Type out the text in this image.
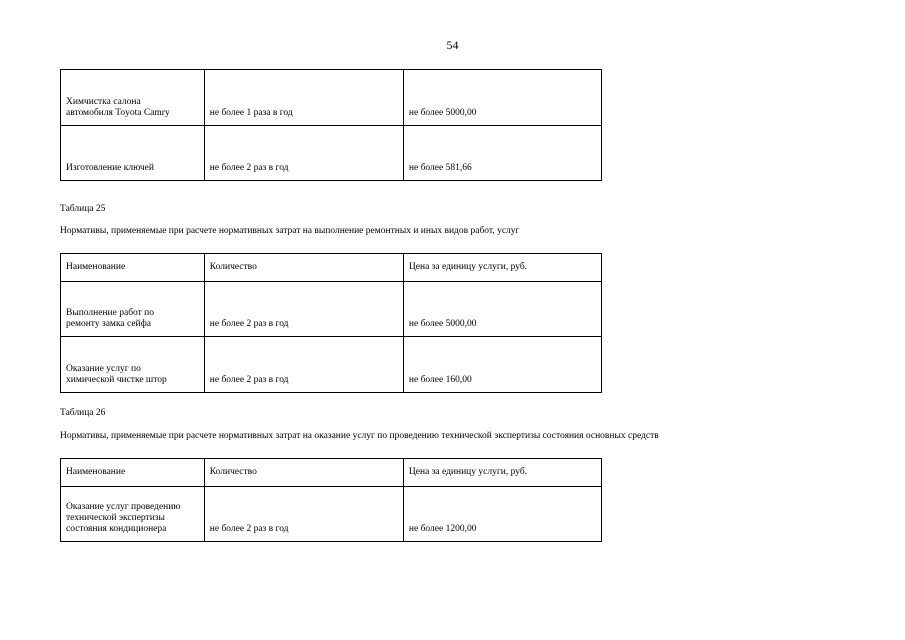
54
Химчистка салона
автомобиля Toyota Camry	не более 1 раза в год	не более 5000,00
Изготовление ключей	не более 2 раз в год	не более 581,66
Таблица 25
Нормативы, применяемые при расчете нормативных затрат на выполнение ремонтных и иных видов работ, услуг
Наименование	Количество	Цена за единицу услуги, руб.
Выполнение работ по
ремонту замка сейфа	не более 2 раз в год	не более 5000,00
Оказание услуг по
химической чистке штор	не более 2 раз в год	не более 160,00
Таблица 26
Нормативы, применяемые при расчете нормативных затрат на оказание услуг по проведению технической экспертизы состояния основных средств
Наименование	Количество	Цена за единицу услуги, руб.
Оказание услуг проведению
технической экспертизы
состояния кондиционера	не более 2 раз в год	не более 1200,00
